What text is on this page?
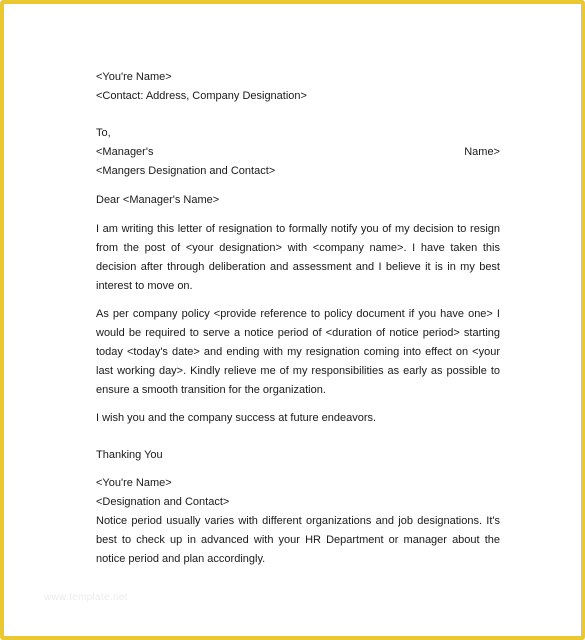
<You're Name>
<Contact: Address, Company Designation>
To,
<Manager's	Name>
<Mangers Designation and Contact>
Dear <Manager's Name>

I am writing this letter of resignation to formally notify you of my decision to resign from the post of <your designation> with <company name>. I have taken this decision after through deliberation and assessment and I believe it is in my best interest to move on.

As per company policy <provide reference to policy document if you have one> I would be required to serve a notice period of <duration of notice period> starting today <today's date> and ending with my resignation coming into effect on <your last working day>. Kindly relieve me of my responsibilities as early as possible to ensure a smooth transition for the organization.

I wish you and the company success at future endeavors.
Thanking You
<You're Name>
<Designation and Contact>

Notice period usually varies with different organizations and job designations. It's best to check up in advanced with your HR Department or manager about the notice period and plan accordingly.

www.template.net
